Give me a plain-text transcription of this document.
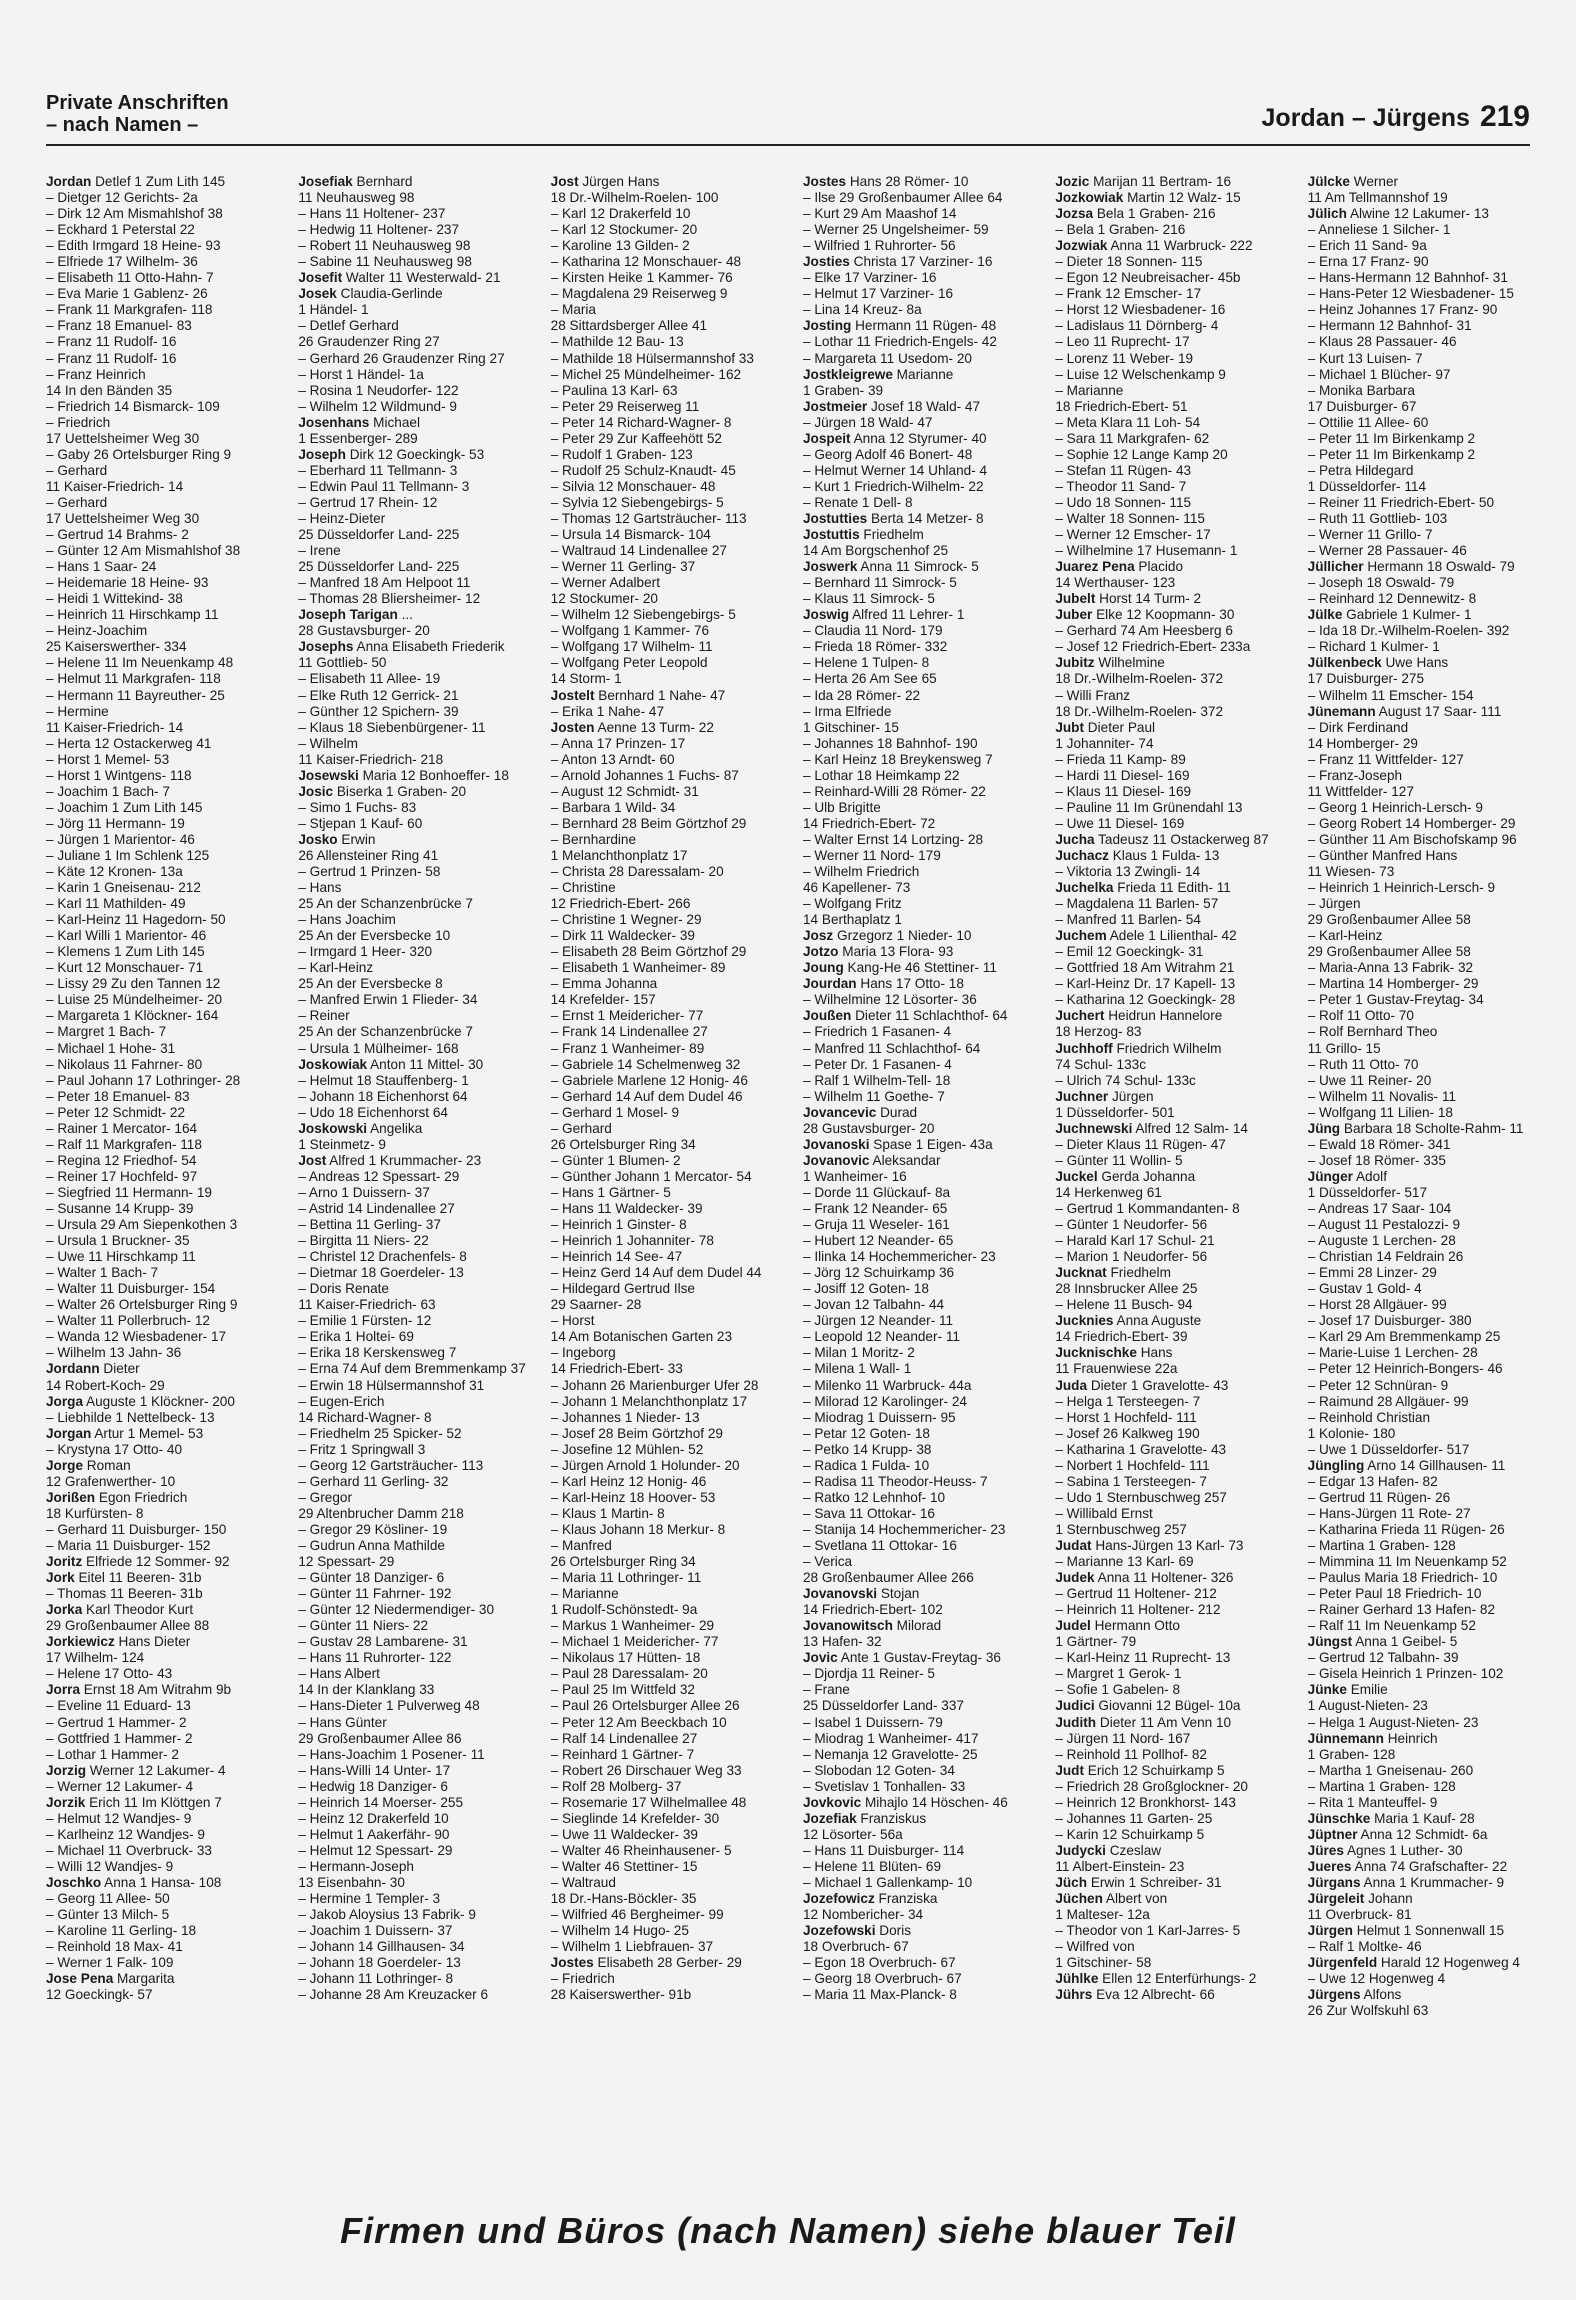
Private Anschriften
– nach Namen –	Jordan – Jürgens 219
Jordan Detlef 1 Zum Lith 145
– Dietger 12 Gerichts- 2a
– Dirk 12 Am Mismahlshof 38
– Eckhard 1 Peterstal 22
– Edith Irmgard 18 Heine- 93
– Elfriede 17 Wilhelm- 36
– Elisabeth 11 Otto-Hahn- 7
– Eva Marie 1 Gablenz- 26
– Frank 11 Markgrafen- 118
– Franz 18 Emanuel- 83
– Franz 11 Rudolf- 16
– Franz 11 Rudolf- 16
– Franz Heinrich
14 In den Bänden 35
– Friedrich 14 Bismarck- 109
– Friedrich
17 Uettelsheimer Weg 30
– Gaby 26 Ortelsburger Ring 9
– Gerhard
11 Kaiser-Friedrich- 14
– Gerhard
17 Uettelsheimer Weg 30
– Gertrud 14 Brahms- 2
– Günter 12 Am Mismahlshof 38
– Hans 1 Saar- 24
– Heidemarie 18 Heine- 93
– Heidi 1 Wittekind- 38
– Heinrich 11 Hirschkamp 11
– Heinz-Joachim
25 Kaiserswerther- 334
– Helene 11 Im Neuenkamp 48
– Helmut 11 Markgrafen- 118
– Hermann 11 Bayreuther- 25
– Hermine
11 Kaiser-Friedrich- 14
– Herta 12 Ostackerweg 41
– Horst 1 Memel- 53
– Horst 1 Wintgens- 118
– Joachim 1 Bach- 7
– Joachim 1 Zum Lith 145
– Jörg 11 Hermann- 19
– Jürgen 1 Marientor- 46
– Juliane 1 Im Schlenk 125
– Käte 12 Kronen- 13a
– Karin 1 Gneisenau- 212
– Karl 11 Mathilden- 49
– Karl-Heinz 11 Hagedorn- 50
– Karl Willi 1 Marientor- 46
– Klemens 1 Zum Lith 145
– Kurt 12 Monschauer- 71
– Lissy 29 Zu den Tannen 12
– Luise 25 Mündelheimer- 20
– Margareta 1 Klöckner- 164
– Margret 1 Bach- 7
– Michael 1 Hohe- 31
– Nikolaus 11 Fahrner- 80
– Paul Johann 17 Lothringer- 28
– Peter 18 Emanuel- 83
– Peter 12 Schmidt- 22
– Rainer 1 Mercator- 164
– Ralf 11 Markgrafen- 118
– Regina 12 Friedhof- 54
– Reiner 17 Hochfeld- 97
– Siegfried 11 Hermann- 19
– Susanne 14 Krupp- 39
– Ursula 29 Am Siepenkothen 3
– Ursula 1 Bruckner- 35
– Uwe 11 Hirschkamp 11
– Walter 1 Bach- 7
– Walter 11 Duisburger- 154
– Walter 26 Ortelsburger Ring 9
– Walter 11 Pollerbruch- 12
– Wanda 12 Wiesbadener- 17
– Wilhelm 13 Jahn- 36
Jordann Dieter
14 Robert-Koch- 29
Jorga Auguste 1 Klöckner- 200
– Liebhilde 1 Nettelbeck- 13
Jorgan Artur 1 Memel- 53
– Krystyna 17 Otto- 40
Jorge Roman
12 Grafenwerther- 10
Jorißen Egon Friedrich
18 Kurfürsten- 8
– Gerhard 11 Duisburger- 150
– Maria 11 Duisburger- 152
Joritz Elfriede 12 Sommer- 92
Jork Eitel 11 Beeren- 31b
– Thomas 11 Beeren- 31b
Jorka Karl Theodor Kurt
29 Großenbaumer Allee 88
Jorkiewicz Hans Dieter
17 Wilhelm- 124
– Helene 17 Otto- 43
Jorra Ernst 18 Am Witrahm 9b
– Eveline 11 Eduard- 13
– Gertrud 1 Hammer- 2
– Gottfried 1 Hammer- 2
– Lothar 1 Hammer- 2
Jorzig Werner 12 Lakumer- 4
– Werner 12 Lakumer- 4
Jorzik Erich 11 Im Klöttgen 7
– Helmut 12 Wandjes- 9
– Karlheinz 12 Wandjes- 9
– Michael 11 Overbruck- 33
– Willi 12 Wandjes- 9
Joschko Anna 1 Hansa- 108
– Georg 11 Allee- 50
– Günter 13 Milch- 5
– Karoline 11 Gerling- 18
– Reinhold 18 Max- 41
– Werner 1 Falk- 109
Jose Pena Margarita
12 Goeckingk- 57
Josefiak Bernhard
11 Neuhausweg 98
– Hans 11 Holtener- 237
– Hedwig 11 Holtener- 237
– Robert 11 Neuhausweg 98
– Sabine 11 Neuhausweg 98
Josefit Walter 11 Westerwald- 21
Josek Claudia-Gerlinde
1 Händel- 1
– Detlef Gerhard
26 Graudenzer Ring 27
– Gerhard 26 Graudenzer Ring 27
– Horst 1 Händel- 1a
– Rosina 1 Neudorfer- 122
– Wilhelm 12 Wildmund- 9
Josenhans Michael
1 Essenberger- 289
Joseph Dirk 12 Goeckingk- 53
– Eberhard 11 Tellmann- 3
– Edwin Paul 11 Tellmann- 3
– Gertrud 17 Rhein- 12
– Heinz-Dieter
25 Düsseldorfer Land- 225
– Irene
25 Düsseldorfer Land- 225
– Manfred 18 Am Helpoot 11
– Thomas 28 Bliersheimer- 12
Joseph Tarigan ...
28 Gustavsburger- 20
Josephs Anna Elisabeth Friederik
11 Gottlieb- 50
– Elisabeth 11 Allee- 19
– Elke Ruth 12 Gerrick- 21
– Günther 12 Spichern- 39
– Klaus 18 Siebenbürgener- 11
– Wilhelm
11 Kaiser-Friedrich- 218
Josewski Maria 12 Bonhoeffer- 18
Josic Biserka 1 Graben- 20
– Simo 1 Fuchs- 83
– Stjepan 1 Kauf- 60
Josko Erwin
26 Allensteiner Ring 41
– Gertrud 1 Prinzen- 58
– Hans
25 An der Schanzenbrücke 7
– Hans Joachim
25 An der Eversbecke 10
– Irmgard 1 Heer- 320
– Karl-Heinz
25 An der Eversbecke 8
– Manfred Erwin 1 Flieder- 34
– Reiner
25 An der Schanzenbrücke 7
– Ursula 1 Mülheimer- 168
Joskowiak Anton 11 Mittel- 30
– Helmut 18 Stauffenberg- 1
– Johann 18 Eichenhorst 64
– Udo 18 Eichenhorst 64
Joskowski Angelika
1 Steinmetz- 9
Jost Alfred 1 Krummacher- 23
– Andreas 12 Spessart- 29
– Arno 1 Duissern- 37
– Astrid 14 Lindenallee 27
– Bettina 11 Gerling- 37
– Birgitta 11 Niers- 22
– Christel 12 Drachenfels- 8
– Dietmar 18 Goerdeler- 13
– Doris Renate
11 Kaiser-Friedrich- 63
– Emilie 1 Fürsten- 12
– Erika 1 Holtei- 69
– Erika 18 Kerskensweg 7
– Erna 74 Auf dem Bremmenkamp 37
– Erwin 18 Hülsermannshof 31
– Eugen-Erich
14 Richard-Wagner- 8
– Friedhelm 25 Spicker- 52
– Fritz 1 Springwall 3
– Georg 12 Gartsträucher- 113
– Gerhard 11 Gerling- 32
– Gregor
29 Altenbrucher Damm 218
– Gregor 29 Kösliner- 19
– Gudrun Anna Mathilde
12 Spessart- 29
– Günter 18 Danziger- 6
– Günter 11 Fahrner- 192
– Günter 12 Niedermendiger- 30
– Günter 11 Niers- 22
– Gustav 28 Lambarene- 31
– Hans 11 Ruhrorter- 122
– Hans Albert
14 In der Klanklang 33
– Hans-Dieter 1 Pulverweg 48
– Hans Günter
29 Großenbaumer Allee 86
– Hans-Joachim 1 Posener- 11
– Hans-Willi 14 Unter- 17
– Hedwig 18 Danziger- 6
– Heinrich 14 Moerser- 255
– Heinz 12 Drakerfeld 10
– Helmut 1 Aakerfähr- 90
– Helmut 12 Spessart- 29
– Hermann-Joseph
13 Eisenbahn- 30
– Hermine 1 Templer- 3
– Jakob Aloysius 13 Fabrik- 9
– Joachim 1 Duissern- 37
– Johann 14 Gillhausen- 34
– Johann 18 Goerdeler- 13
– Johann 11 Lothringer- 8
– Johanne 28 Am Kreuzacker 6
Jost Jürgen Hans
18 Dr.-Wilhelm-Roelen- 100
– Karl 12 Drakerfeld 10
– Karl 12 Stockumer- 20
– Karoline 13 Gilden- 2
– Katharina 12 Monschauer- 48
– Kirsten Heike 1 Kammer- 76
– Magdalena 29 Reiserweg 9
– Maria
28 Sittardsberger Allee 41
– Mathilde 12 Bau- 13
– Mathilde 18 Hülsermannshof 33
– Michel 25 Mündelheimer- 162
– Paulina 13 Karl- 63
– Peter 29 Reiserweg 11
– Peter 14 Richard-Wagner- 8
– Peter 29 Zur Kaffeehött 52
– Rudolf 1 Graben- 123
– Rudolf 25 Schulz-Knaudt- 45
– Silvia 12 Monschauer- 48
– Sylvia 12 Siebengebirgs- 5
– Thomas 12 Gartsträucher- 113
– Ursula 14 Bismarck- 104
– Waltraud 14 Lindenallee 27
– Werner 11 Gerling- 37
– Werner Adalbert
12 Stockumer- 20
– Wilhelm 12 Siebengebirgs- 5
– Wolfgang 1 Kammer- 76
– Wolfgang 17 Wilhelm- 11
– Wolfgang Peter Leopold
14 Storm- 1
Jostelt Bernhard 1 Nahe- 47
– Erika 1 Nahe- 47
Josten Aenne 13 Turm- 22
– Anna 17 Prinzen- 17
– Anton 13 Arndt- 60
– Arnold Johannes 1 Fuchs- 87
– August 12 Schmidt- 31
– Barbara 1 Wild- 34
– Bernhard 28 Beim Görtzhof 29
– Bernhardine
1 Melanchthonplatz 17
– Christa 28 Daressalam- 20
– Christine
12 Friedrich-Ebert- 266
– Christine 1 Wegner- 29
– Dirk 11 Waldecker- 39
– Elisabeth 28 Beim Görtzhof 29
– Elisabeth 1 Wanheimer- 89
– Emma Johanna
14 Krefelder- 157
– Ernst 1 Meidericher- 77
– Frank 14 Lindenallee 27
– Franz 1 Wanheimer- 89
– Gabriele 14 Schelmenweg 32
– Gabriele Marlene 12 Honig- 46
– Gerhard 14 Auf dem Dudel 46
– Gerhard 1 Mosel- 9
– Gerhard
26 Ortelsburger Ring 34
– Günter 1 Blumen- 2
– Günther Johann 1 Mercator- 54
– Hans 1 Gärtner- 5
– Hans 11 Waldecker- 39
– Heinrich 1 Ginster- 8
– Heinrich 1 Johanniter- 78
– Heinrich 14 See- 47
– Heinz Gerd 14 Auf dem Dudel 44
– Hildegard Gertrud Ilse
29 Saarner- 28
– Horst
14 Am Botanischen Garten 23
– Ingeborg
14 Friedrich-Ebert- 33
– Johann 26 Marienburger Ufer 28
– Johann 1 Melanchthonplatz 17
– Johannes 1 Nieder- 13
– Josef 28 Beim Görtzhof 29
– Josefine 12 Mühlen- 52
– Jürgen Arnold 1 Holunder- 20
– Karl Heinz 12 Honig- 46
– Karl-Heinz 18 Hoover- 53
– Klaus 1 Martin- 8
– Klaus Johann 18 Merkur- 8
– Manfred
26 Ortelsburger Ring 34
– Maria 11 Lothringer- 11
– Marianne
1 Rudolf-Schönstedt- 9a
– Markus 1 Wanheimer- 29
– Michael 1 Meidericher- 77
– Nikolaus 17 Hütten- 18
– Paul 28 Daressalam- 20
– Paul 25 Im Wittfeld 32
– Paul 26 Ortelsburger Allee 26
– Peter 12 Am Beeckbach 10
– Ralf 14 Lindenallee 27
– Reinhard 1 Gärtner- 7
– Robert 26 Dirschauer Weg 33
– Rolf 28 Molberg- 37
– Rosemarie 17 Wilhelmallee 48
– Sieglinde 14 Krefelder- 30
– Uwe 11 Waldecker- 39
– Walter 46 Rheinhausener- 5
– Walter 46 Stettiner- 15
– Waltraud
18 Dr.-Hans-Böckler- 35
– Wilfried 46 Bergheimer- 99
– Wilhelm 14 Hugo- 25
– Wilhelm 1 Liebfrauen- 37
Jostes Elisabeth 28 Gerber- 29
– Friedrich
28 Kaiserswerther- 91b
Jostes Hans 28 Römer- 10
– Ilse 29 Großenbaumer Allee 64
– Kurt 29 Am Maashof 14
– Werner 25 Ungelsheimer- 59
– Wilfried 1 Ruhrorter- 56
Josties Christa 17 Varziner- 16
– Elke 17 Varziner- 16
– Helmut 17 Varziner- 16
– Lina 14 Kreuz- 8a
Josting Hermann 11 Rügen- 48
– Lothar 11 Friedrich-Engels- 42
– Margareta 11 Usedom- 20
Jostkleigrewe Marianne
1 Graben- 39
Jostmeier Josef 18 Wald- 47
– Jürgen 18 Wald- 47
Jospeit Anna 12 Styrumer- 40
– Georg Adolf 46 Bonert- 48
– Helmut Werner 14 Uhland- 4
– Kurt 1 Friedrich-Wilhelm- 22
– Renate 1 Dell- 8
Jostutties Berta 14 Metzer- 8
Jostuttis Friedhelm
14 Am Borgschenhof 25
Joswerk Anna 11 Simrock- 5
– Bernhard 11 Simrock- 5
– Klaus 11 Simrock- 5
Joswig Alfred 11 Lehrer- 1
– Claudia 11 Nord- 179
– Frieda 18 Römer- 332
– Helene 1 Tulpen- 8
– Herta 26 Am See 65
– Ida 28 Römer- 22
– Irma Elfriede
1 Gitschiner- 15
– Johannes 18 Bahnhof- 190
– Karl Heinz 18 Breykensweg 7
– Lothar 18 Heimkamp 22
– Reinhard-Willi 28 Römer- 22
– Ulb Brigitte
14 Friedrich-Ebert- 72
– Walter Ernst 14 Lortzing- 28
– Werner 11 Nord- 179
– Wilhelm Friedrich
46 Kapellener- 73
– Wolfgang Fritz
14 Berthaplatz 1
Josz Grzegorz 1 Nieder- 10
Jotzo Maria 13 Flora- 93
Joung Kang-He 46 Stettiner- 11
Jourdan Hans 17 Otto- 18
– Wilhelmine 12 Lösorter- 36
Joußen Dieter 11 Schlachthof- 64
– Friedrich 1 Fasanen- 4
– Manfred 11 Schlachthof- 64
– Peter Dr. 1 Fasanen- 4
– Ralf 1 Wilhelm-Tell- 18
– Wilhelm 11 Goethe- 7
Jovancevic Durad
28 Gustavsburger- 20
Jovanoski Spase 1 Eigen- 43a
Jovanovic Aleksandar
1 Wanheimer- 16
– Dorde 11 Glückauf- 8a
– Frank 12 Neander- 65
– Gruja 11 Weseler- 161
– Hubert 12 Neander- 65
– Ilinka 14 Hochemmericher- 23
– Jörg 12 Schuirkamp 36
– Josiff 12 Goten- 18
– Jovan 12 Talbahn- 44
– Jürgen 12 Neander- 11
– Leopold 12 Neander- 11
– Milan 1 Moritz- 2
– Milena 1 Wall- 1
– Milenko 11 Warbruck- 44a
– Milorad 12 Karolinger- 24
– Miodrag 1 Duissern- 95
– Petar 12 Goten- 18
– Petko 14 Krupp- 38
– Radica 1 Fulda- 10
– Radisa 11 Theodor-Heuss- 7
– Ratko 12 Lehnhof- 10
– Sava 11 Ottokar- 16
– Stanija 14 Hochemmericher- 23
– Svetlana 11 Ottokar- 16
– Verica
28 Großenbaumer Allee 266
Jovanovski Stojan
14 Friedrich-Ebert- 102
Jovanowitsch Milorad
13 Hafen- 32
Jovic Ante 1 Gustav-Freytag- 36
– Djordja 11 Reiner- 5
– Frane
25 Düsseldorfer Land- 337
– Isabel 1 Duissern- 79
– Miodrag 1 Wanheimer- 417
– Nemanja 12 Gravelotte- 25
– Slobodan 12 Goten- 34
– Svetislav 1 Tonhallen- 33
Jovkovic Mihajlo 14 Höschen- 46
Jozefiak Franziskus
12 Lösorter- 56a
– Hans 11 Duisburger- 114
– Helene 11 Blüten- 69
– Michael 1 Gallenkamp- 10
Jozefowicz Franziska
12 Nombericher- 34
Jozefowski Doris
18 Overbruch- 67
– Egon 18 Overbruch- 67
– Georg 18 Overbruch- 67
– Maria 11 Max-Planck- 8
Jozic Marijan 11 Bertram- 16
Jozkowiak Martin 12 Walz- 15
Jozsa Bela 1 Graben- 216
– Bela 1 Graben- 216
Jozwiak Anna 11 Warbruck- 222
– Dieter 18 Sonnen- 115
– Egon 12 Neubreisacher- 45b
– Frank 12 Emscher- 17
– Horst 12 Wiesbadener- 16
– Ladislaus 11 Dörnberg- 4
– Leo 11 Ruprecht- 17
– Lorenz 11 Weber- 19
– Luise 12 Welschenkamp 9
– Marianne
18 Friedrich-Ebert- 51
– Meta Klara 11 Loh- 54
– Sara 11 Markgrafen- 62
– Sophie 12 Lange Kamp 20
– Stefan 11 Rügen- 43
– Theodor 11 Sand- 7
– Udo 18 Sonnen- 115
– Walter 18 Sonnen- 115
– Werner 12 Emscher- 17
– Wilhelmine 17 Husemann- 1
Juarez Pena Placido
14 Werthauser- 123
Jubelt Horst 14 Turm- 2
Juber Elke 12 Koopmann- 30
– Gerhard 74 Am Heesberg 6
– Josef 12 Friedrich-Ebert- 233a
Jubitz Wilhelmine
18 Dr.-Wilhelm-Roelen- 372
– Willi Franz
18 Dr.-Wilhelm-Roelen- 372
Jubt Dieter Paul
1 Johanniter- 74
– Frieda 11 Kamp- 89
– Hardi 11 Diesel- 169
– Klaus 11 Diesel- 169
– Pauline 11 Im Grünendahl 13
– Uwe 11 Diesel- 169
Jucha Tadeusz 11 Ostackerweg 87
Juchacz Klaus 1 Fulda- 13
– Viktoria 13 Zwingli- 14
Juchelka Frieda 11 Edith- 11
– Magdalena 11 Barlen- 57
– Manfred 11 Barlen- 54
Juchem Adele 1 Lilienthal- 42
– Emil 12 Goeckingk- 31
– Gottfried 18 Am Witrahm 21
– Karl-Heinz Dr. 17 Kapell- 13
– Katharina 12 Goeckingk- 28
Juchert Heidrun Hannelore
18 Herzog- 83
Juchhoff Friedrich Wilhelm
74 Schul- 133c
– Ulrich 74 Schul- 133c
Juchner Jürgen
1 Düsseldorfer- 501
Juchnewski Alfred 12 Salm- 14
– Dieter Klaus 11 Rügen- 47
– Günter 11 Wollin- 5
Juckel Gerda Johanna
14 Herkenweg 61
– Gertrud 1 Kommandanten- 8
– Günter 1 Neudorfer- 56
– Harald Karl 17 Schul- 21
– Marion 1 Neudorfer- 56
Jucknat Friedhelm
28 Innsbrucker Allee 25
– Helene 11 Busch- 94
Jucknies Anna Auguste
14 Friedrich-Ebert- 39
Jucknischke Hans
11 Frauenwiese 22a
Juda Dieter 1 Gravelotte- 43
– Helga 1 Tersteegen- 7
– Horst 1 Hochfeld- 111
– Josef 26 Kalkweg 190
– Katharina 1 Gravelotte- 43
– Norbert 1 Hochfeld- 111
– Sabina 1 Tersteegen- 7
– Udo 1 Sternbuschweg 257
– Willibald Ernst
1 Sternbuschweg 257
Judat Hans-Jürgen 13 Karl- 73
– Marianne 13 Karl- 69
Judek Anna 11 Holtener- 326
– Gertrud 11 Holtener- 212
– Heinrich 11 Holtener- 212
Judel Hermann Otto
1 Gärtner- 79
– Karl-Heinz 11 Ruprecht- 13
– Margret 1 Gerok- 1
– Sofie 1 Gabelen- 8
Judici Giovanni 12 Bügel- 10a
Judith Dieter 11 Am Venn 10
– Jürgen 11 Nord- 167
– Reinhold 11 Pollhof- 82
Judt Erich 12 Schuirkamp 5
– Friedrich 28 Großglockner- 20
– Heinrich 12 Bronkhorst- 143
– Johannes 11 Garten- 25
– Karin 12 Schuirkamp 5
Judycki Czeslaw
11 Albert-Einstein- 23
Jüch Erwin 1 Schreiber- 31
Jüchen Albert von
1 Malteser- 12a
– Theodor von 1 Karl-Jarres- 5
– Wilfred von
1 Gitschiner- 58
Jühlke Ellen 12 Enterfürhungs- 2
Jührs Eva 12 Albrecht- 66
Jülcke Werner
11 Am Tellmannshof 19
Jülich Alwine 12 Lakumer- 13
– Anneliese 1 Silcher- 1
– Erich 11 Sand- 9a
– Erna 17 Franz- 90
– Hans-Hermann 12 Bahnhof- 31
– Hans-Peter 12 Wiesbadener- 15
– Heinz Johannes 17 Franz- 90
– Hermann 12 Bahnhof- 31
– Klaus 28 Passauer- 46
– Kurt 13 Luisen- 7
– Michael 1 Blücher- 97
– Monika Barbara
17 Duisburger- 67
– Ottilie 11 Allee- 60
– Peter 11 Im Birkenkamp 2
– Peter 11 Im Birkenkamp 2
– Petra Hildegard
1 Düsseldorfer- 114
– Reiner 11 Friedrich-Ebert- 50
– Ruth 11 Gottlieb- 103
– Werner 11 Grillo- 7
– Werner 28 Passauer- 46
Jüllicher Hermann 18 Oswald- 79
– Joseph 18 Oswald- 79
– Reinhard 12 Dennewitz- 8
Jülke Gabriele 1 Kulmer- 1
– Ida 18 Dr.-Wilhelm-Roelen- 392
– Richard 1 Kulmer- 1
Jülkenbeck Uwe Hans
17 Duisburger- 275
– Wilhelm 11 Emscher- 154
Jünemann August 17 Saar- 111
– Dirk Ferdinand
14 Homberger- 29
– Franz 11 Wittfelder- 127
– Franz-Joseph
11 Wittfelder- 127
– Georg 1 Heinrich-Lersch- 9
– Georg Robert 14 Homberger- 29
– Günther 11 Am Bischofskamp 96
– Günther Manfred Hans
11 Wiesen- 73
– Heinrich 1 Heinrich-Lersch- 9
– Jürgen
29 Großenbaumer Allee 58
– Karl-Heinz
29 Großenbaumer Allee 58
– Maria-Anna 13 Fabrik- 32
– Martina 14 Homberger- 29
– Peter 1 Gustav-Freytag- 34
– Rolf 11 Otto- 70
– Rolf Bernhard Theo
11 Grillo- 15
– Ruth 11 Otto- 70
– Uwe 11 Reiner- 20
– Wilhelm 11 Novalis- 11
– Wolfgang 11 Lilien- 18
Jüng Barbara 18 Scholte-Rahm- 11
– Ewald 18 Römer- 341
– Josef 18 Römer- 335
Jünger Adolf
1 Düsseldorfer- 517
– Andreas 17 Saar- 104
– August 11 Pestalozzi- 9
– Auguste 1 Lerchen- 28
– Christian 14 Feldrain 26
– Emmi 28 Linzer- 29
– Gustav 1 Gold- 4
– Horst 28 Allgäuer- 99
– Josef 17 Duisburger- 380
– Karl 29 Am Bremmenkamp 25
– Marie-Luise 1 Lerchen- 28
– Peter 12 Heinrich-Bongers- 46
– Peter 12 Schnüran- 9
– Raimund 28 Allgäuer- 99
– Reinhold Christian
1 Kolonie- 180
– Uwe 1 Düsseldorfer- 517
Jüngling Arno 14 Gillhausen- 11
– Edgar 13 Hafen- 82
– Gertrud 11 Rügen- 26
– Hans-Jürgen 11 Rote- 27
– Katharina Frieda 11 Rügen- 26
– Martina 1 Graben- 128
– Mimmina 11 Im Neuenkamp 52
– Paulus Maria 18 Friedrich- 10
– Peter Paul 18 Friedrich- 10
– Rainer Gerhard 13 Hafen- 82
– Ralf 11 Im Neuenkamp 52
Jüngst Anna 1 Geibel- 5
– Gertrud 12 Talbahn- 39
– Gisela Heinrich 1 Prinzen- 102
Jünke Emilie
1 August-Nieten- 23
– Helga 1 August-Nieten- 23
Jünnemann Heinrich
1 Graben- 128
– Martha 1 Gneisenau- 260
– Martina 1 Graben- 128
– Rita 1 Manteuffel- 9
Jünschke Maria 1 Kauf- 28
Jüptner Anna 12 Schmidt- 6a
Jüres Agnes 1 Luther- 30
Jueres Anna 74 Grafschafter- 22
Jürgans Anna 1 Krummacher- 9
Jürgeleit Johann
11 Overbruck- 81
Jürgen Helmut 1 Sonnenwall 15
– Ralf 1 Moltke- 46
Jürgenfeld Harald 12 Hogenweg 4
– Uwe 12 Hogenweg 4
Jürgens Alfons
26 Zur Wolfskuhl 63
Firmen und Büros (nach Namen) siehe blauer Teil
